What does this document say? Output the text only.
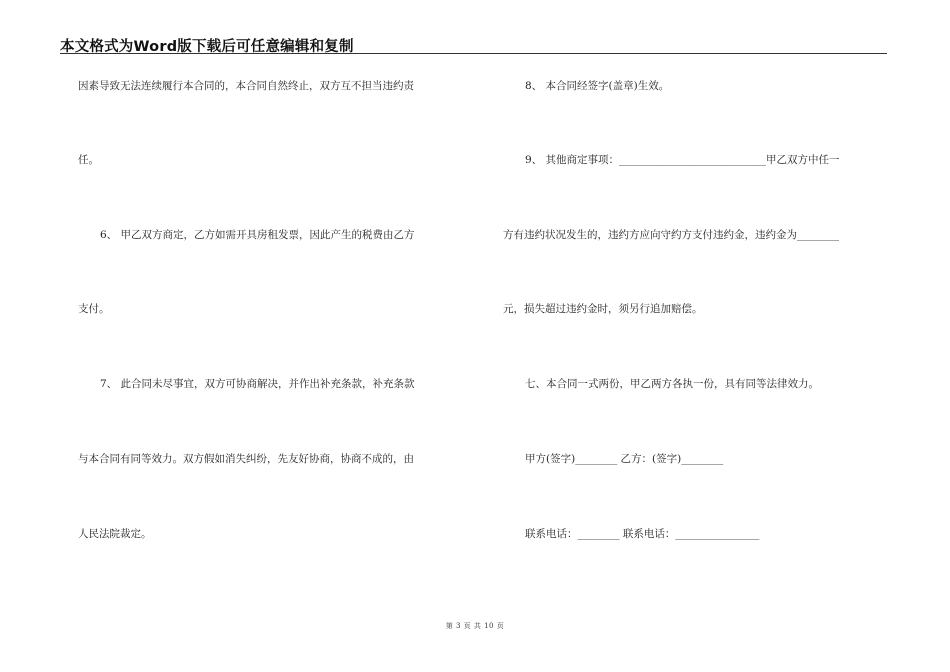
本文格式为Word版下载后可任意编辑和复制
因素导致无法连续履行本合同的，本合同自然终止，双方互不担当违约责
任。
6、 甲乙双方商定，乙方如需开具房租发票，因此产生的税费由乙方
支付。
7、 此合同未尽事宜，双方可协商解决，并作出补充条款，补充条款
与本合同有同等效力。双方假如消失纠纷，先友好协商，协商不成的，由
人民法院裁定。
8、 本合同经签字(盖章)生效。
9、 其他商定事项：____________________________甲乙双方中任一
方有违约状况发生的，违约方应向守约方支付违约金，违约金为________
元，损失超过违约金时，须另行追加赔偿。
七、本合同一式两份，甲乙两方各执一份，具有同等法律效力。
甲方(签字)________ 乙方：(签字)________
联系电话：________ 联系电话：________________
第 3 页 共 10 页
